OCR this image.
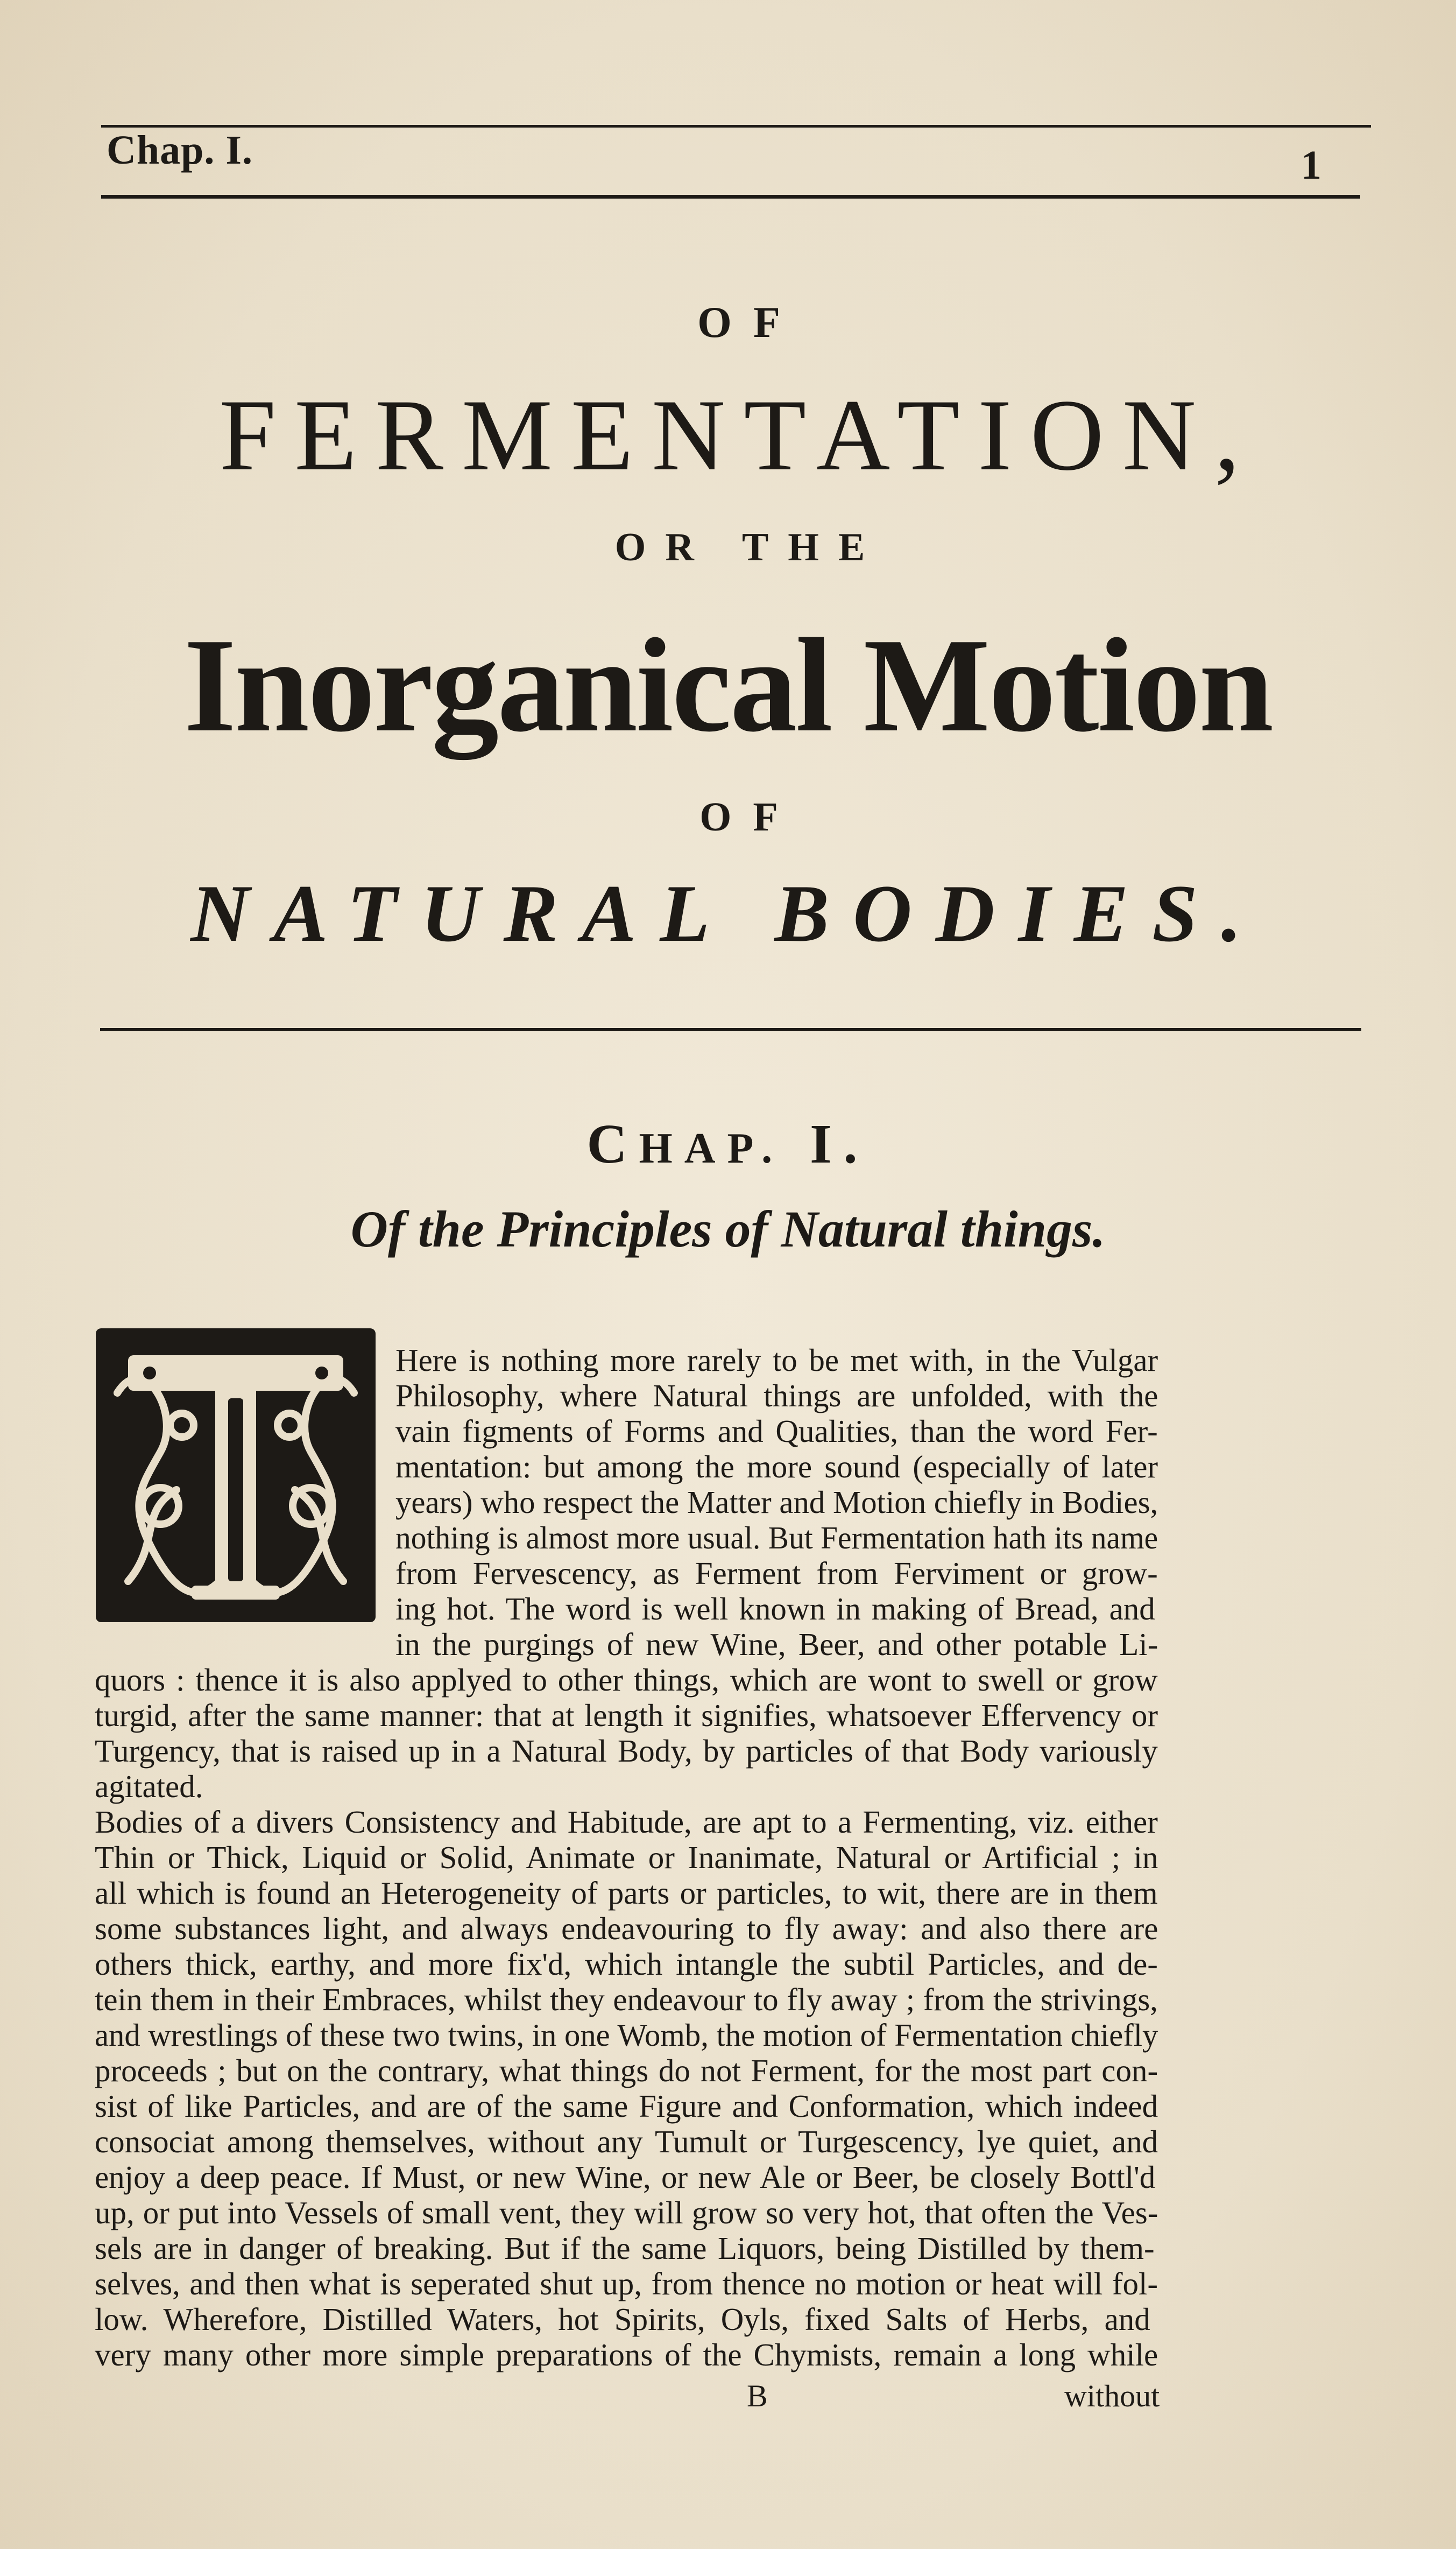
Chap. I.	1
OF
FERMENTATION,
OR THE
Inorganical Motion
OF
NATURAL BODIES.
CHAP. I.
Of the Principles of Natural things.
T
Here is nothing more rarely to be met with, in the Vulgar
Philosophy, where Natural things are unfolded, with the
vain figments of Forms and Qualities, than the word Fer-
mentation: but among the more sound (especially of later
years) who respect the Matter and Motion chiefly in Bodies,
nothing is almost more usual. But Fermentation hath its name
from Fervescency, as Ferment from Ferviment or grow-
ing hot. The word is well known in making of Bread, and
in the purgings of new Wine, Beer, and other potable Li-
quors : thence it is also applyed to other things, which are wont to swell or grow
turgid, after the same manner: that at length it signifies, whatsoever Effervency or
Turgency, that is raised up in a Natural Body, by particles of that Body variously
agitated.
Bodies of a divers Consistency and Habitude, are apt to a Fermenting, viz. either
Thin or Thick, Liquid or Solid, Animate or Inanimate, Natural or Artificial ; in
all which is found an Heterogeneity of parts or particles, to wit, there are in them
some substances light, and always endeavouring to fly away: and also there are
others thick, earthy, and more fix'd, which intangle the subtil Particles, and de-
tein them in their Embraces, whilst they endeavour to fly away ; from the strivings,
and wrestlings of these two twins, in one Womb, the motion of Fermentation chiefly
proceeds ; but on the contrary, what things do not Ferment, for the most part con-
sist of like Particles, and are of the same Figure and Conformation, which indeed
consociat among themselves, without any Tumult or Turgescency, lye quiet, and
enjoy a deep peace. If Must, or new Wine, or new Ale or Beer, be closely Bottl'd
up, or put into Vessels of small vent, they will grow so very hot, that often the Ves-
sels are in danger of breaking. But if the same Liquors, being Distilled by them-
selves, and then what is seperated shut up, from thence no motion or heat will fol-
low. Wherefore, Distilled Waters, hot Spirits, Oyls, fixed Salts of Herbs, and
very many other more simple preparations of the Chymists, remain a long while
B	without
